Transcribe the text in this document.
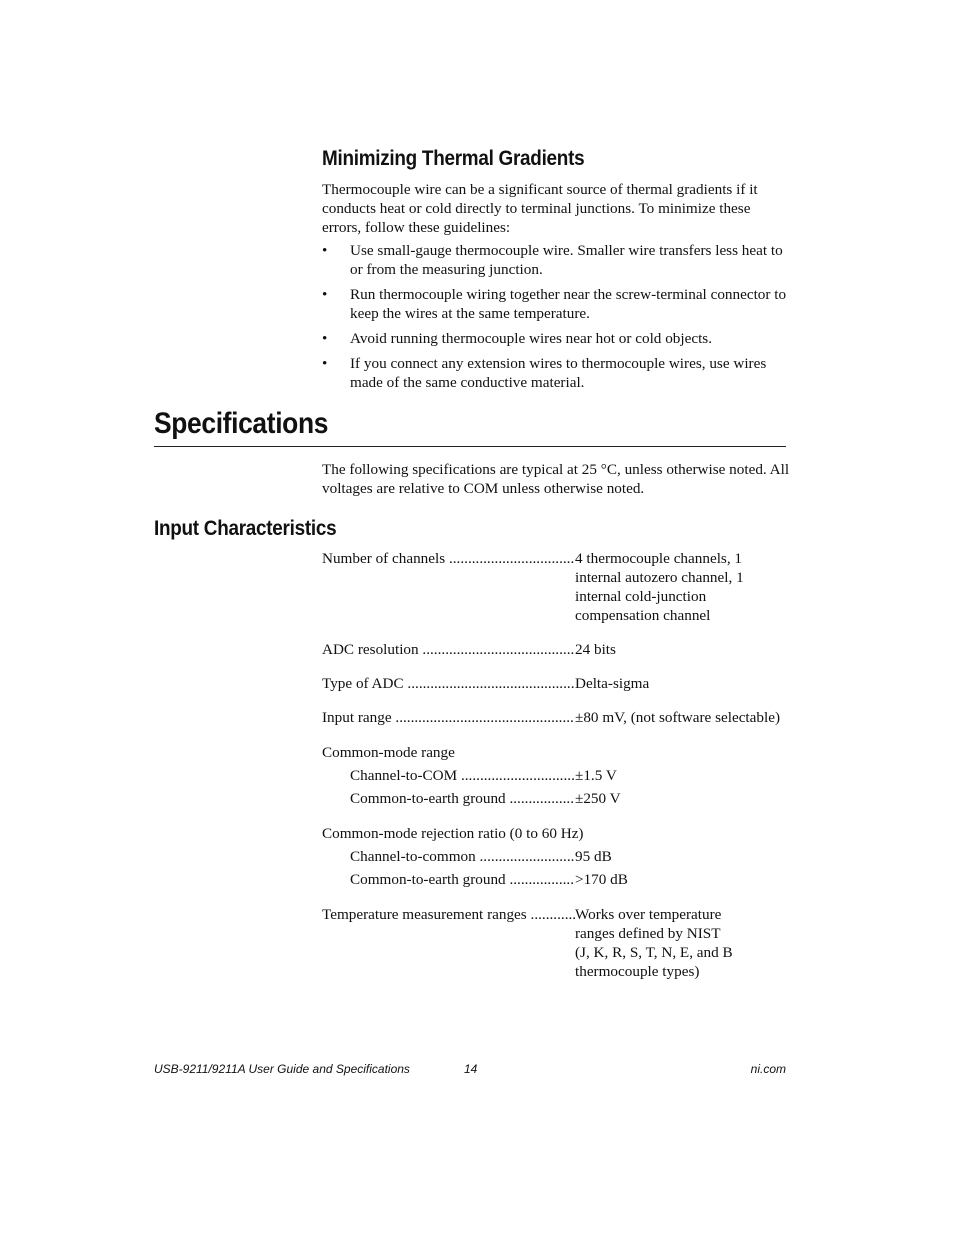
Minimizing Thermal Gradients

Thermocouple wire can be a significant source of thermal gradients if it conducts heat or cold directly to terminal junctions. To minimize these errors, follow these guidelines:

• Use small-gauge thermocouple wire. Smaller wire transfers less heat to or from the measuring junction.
• Run thermocouple wiring together near the screw-terminal connector to keep the wires at the same temperature.
• Avoid running thermocouple wires near hot or cold objects.
• If you connect any extension wires to thermocouple wires, use wires made of the same conductive material.
Specifications

The following specifications are typical at 25 °C, unless otherwise noted. All voltages are relative to COM unless otherwise noted.

Input Characteristics
Number of channels .....	4 thermocouple channels, 1 internal autozero channel, 1 internal cold-junction compensation channel
ADC resolution .....	24 bits
Type of ADC .....	Delta-sigma
Input range .....	±80 mV, (not software selectable)
Common-mode range
Channel-to-COM .....	±1.5 V
Common-to-earth ground .....	±250 V
Common-mode rejection ratio (0 to 60 Hz)
Channel-to-common .....	95 dB
Common-to-earth ground .....	>170 dB
Temperature measurement ranges .....	Works over temperature ranges defined by NIST (J, K, R, S, T, N, E, and B thermocouple types)
USB-9211/9211A User Guide and Specifications	14	ni.com
